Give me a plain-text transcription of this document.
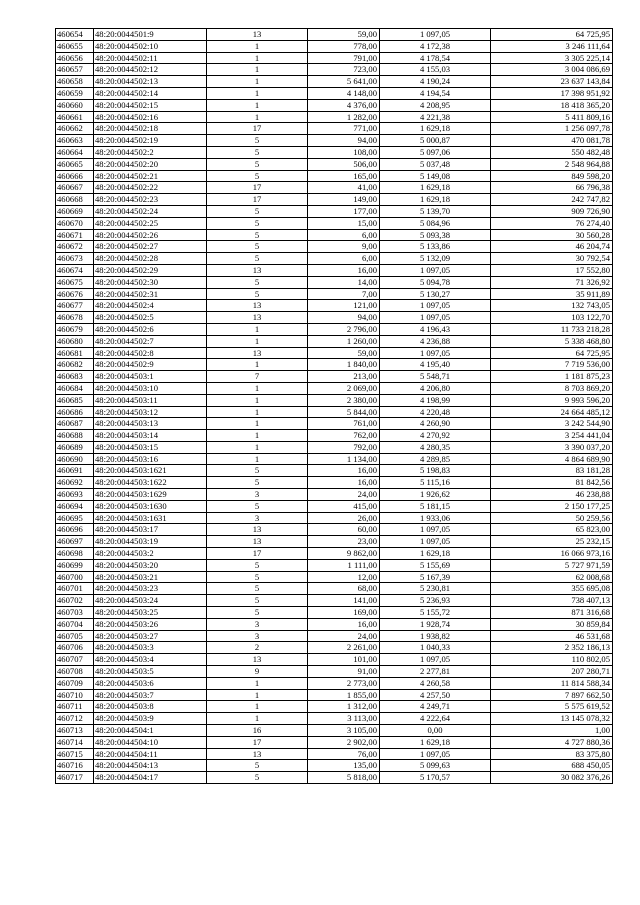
460654	48:20:0044501:9	13	59,00	1 097,05	64 725,95
460655	48:20:0044502:10	1	778,00	4 172,38	3 246 111,64
460656	48:20:0044502:11	1	791,00	4 178,54	3 305 225,14
460657	48:20:0044502:12	1	723,00	4 155,03	3 004 086,69
460658	48:20:0044502:13	1	5 641,00	4 190,24	23 637 143,84
460659	48:20:0044502:14	1	4 148,00	4 194,54	17 398 951,92
460660	48:20:0044502:15	1	4 376,00	4 208,95	18 418 365,20
460661	48:20:0044502:16	1	1 282,00	4 221,38	5 411 809,16
460662	48:20:0044502:18	17	771,00	1 629,18	1 256 097,78
460663	48:20:0044502:19	5	94,00	5 000,87	470 081,78
460664	48:20:0044502:2	5	108,00	5 097,06	550 482,48
460665	48:20:0044502:20	5	506,00	5 037,48	2 548 964,88
460666	48:20:0044502:21	5	165,00	5 149,08	849 598,20
460667	48:20:0044502:22	17	41,00	1 629,18	66 796,38
460668	48:20:0044502:23	17	149,00	1 629,18	242 747,82
460669	48:20:0044502:24	5	177,00	5 139,70	909 726,90
460670	48:20:0044502:25	5	15,00	5 084,96	76 274,40
460671	48:20:0044502:26	5	6,00	5 093,38	30 560,28
460672	48:20:0044502:27	5	9,00	5 133,86	46 204,74
460673	48:20:0044502:28	5	6,00	5 132,09	30 792,54
460674	48:20:0044502:29	13	16,00	1 097,05	17 552,80
460675	48:20:0044502:30	5	14,00	5 094,78	71 326,92
460676	48:20:0044502:31	5	7,00	5 130,27	35 911,89
460677	48:20:0044502:4	13	121,00	1 097,05	132 743,05
460678	48:20:0044502:5	13	94,00	1 097,05	103 122,70
460679	48:20:0044502:6	1	2 796,00	4 196,43	11 733 218,28
460680	48:20:0044502:7	1	1 260,00	4 236,88	5 338 468,80
460681	48:20:0044502:8	13	59,00	1 097,05	64 725,95
460682	48:20:0044502:9	1	1 840,00	4 195,40	7 719 536,00
460683	48:20:0044503:1	7	213,00	5 548,71	1 181 875,23
460684	48:20:0044503:10	1	2 069,00	4 206,80	8 703 869,20
460685	48:20:0044503:11	1	2 380,00	4 198,99	9 993 596,20
460686	48:20:0044503:12	1	5 844,00	4 220,48	24 664 485,12
460687	48:20:0044503:13	1	761,00	4 260,90	3 242 544,90
460688	48:20:0044503:14	1	762,00	4 270,92	3 254 441,04
460689	48:20:0044503:15	1	792,00	4 280,35	3 390 037,20
460690	48:20:0044503:16	1	1 134,00	4 289,85	4 864 689,90
460691	48:20:0044503:1621	5	16,00	5 198,83	83 181,28
460692	48:20:0044503:1622	5	16,00	5 115,16	81 842,56
460693	48:20:0044503:1629	3	24,00	1 926,62	46 238,88
460694	48:20:0044503:1630	5	415,00	5 181,15	2 150 177,25
460695	48:20:0044503:1631	3	26,00	1 933,06	50 259,56
460696	48:20:0044503:17	13	60,00	1 097,05	65 823,00
460697	48:20:0044503:19	13	23,00	1 097,05	25 232,15
460698	48:20:0044503:2	17	9 862,00	1 629,18	16 066 973,16
460699	48:20:0044503:20	5	1 111,00	5 155,69	5 727 971,59
460700	48:20:0044503:21	5	12,00	5 167,39	62 008,68
460701	48:20:0044503:23	5	68,00	5 230,81	355 695,08
460702	48:20:0044503:24	5	141,00	5 236,93	738 407,13
460703	48:20:0044503:25	5	169,00	5 155,72	871 316,68
460704	48:20:0044503:26	3	16,00	1 928,74	30 859,84
460705	48:20:0044503:27	3	24,00	1 938,82	46 531,68
460706	48:20:0044503:3	2	2 261,00	1 040,33	2 352 186,13
460707	48:20:0044503:4	13	101,00	1 097,05	110 802,05
460708	48:20:0044503:5	9	91,00	2 277,81	207 280,71
460709	48:20:0044503:6	1	2 773,00	4 260,58	11 814 588,34
460710	48:20:0044503:7	1	1 855,00	4 257,50	7 897 662,50
460711	48:20:0044503:8	1	1 312,00	4 249,71	5 575 619,52
460712	48:20:0044503:9	1	3 113,00	4 222,64	13 145 078,32
460713	48:20:0044504:1	16	3 105,00	0,00	1,00
460714	48:20:0044504:10	17	2 902,00	1 629,18	4 727 880,36
460715	48:20:0044504:11	13	76,00	1 097,05	83 375,80
460716	48:20:0044504:13	5	135,00	5 099,63	688 450,05
460717	48:20:0044504:17	5	5 818,00	5 170,57	30 082 376,26
